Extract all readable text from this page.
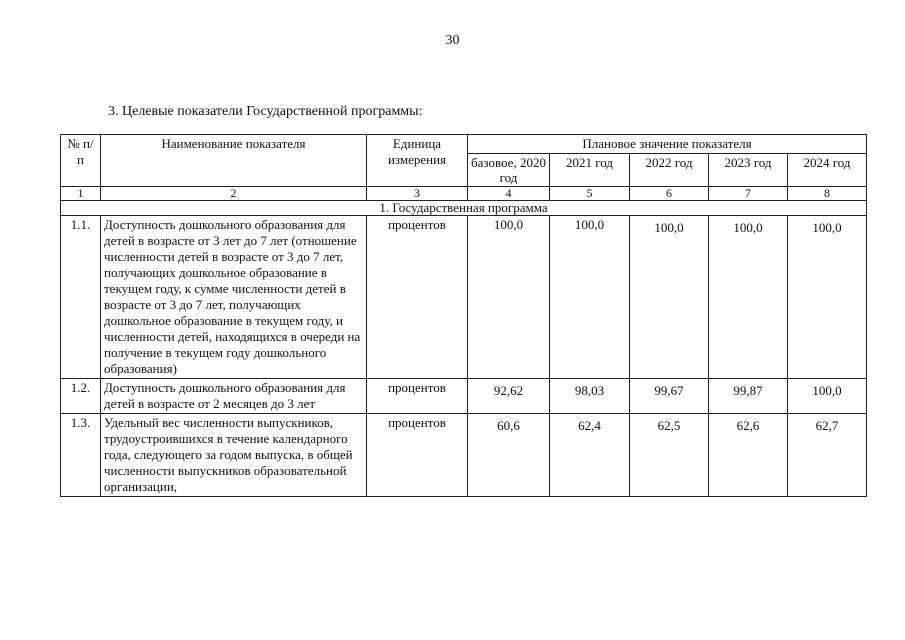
30
3. Целевые показатели Государственной программы:
№ п/п	Наименование показателя	Единица измерения	Плановое значение показателя				
			базовое, 2020 год	2021 год	2022 год	2023 год	2024 год
1	2	3	4	5	6	7	8
1. Государственная программа							
1.1.	Доступность дошкольного образования для детей в возрасте от 3 лет до 7 лет (отношение численности детей в возрасте от 3 до 7 лет, получающих дошкольное образование в текущем году, к сумме численности детей в возрасте от 3 до 7 лет, получающих дошкольное образование в текущем году, и численности детей, находящихся в очереди на получение в текущем году дошкольного образования)	процентов	100,0	100,0	100,0	100,0	100,0
1.2.	Доступность дошкольного образования для детей в возрасте от 2 месяцев до 3 лет	процентов	92,62	98,03	99,67	99,87	100,0
1.3.	Удельный вес численности выпускников, трудоустроившихся в течение календарного года, следующего за годом выпуска, в общей численности выпускников образовательной организации,	процентов	60,6	62,4	62,5	62,6	62,7
